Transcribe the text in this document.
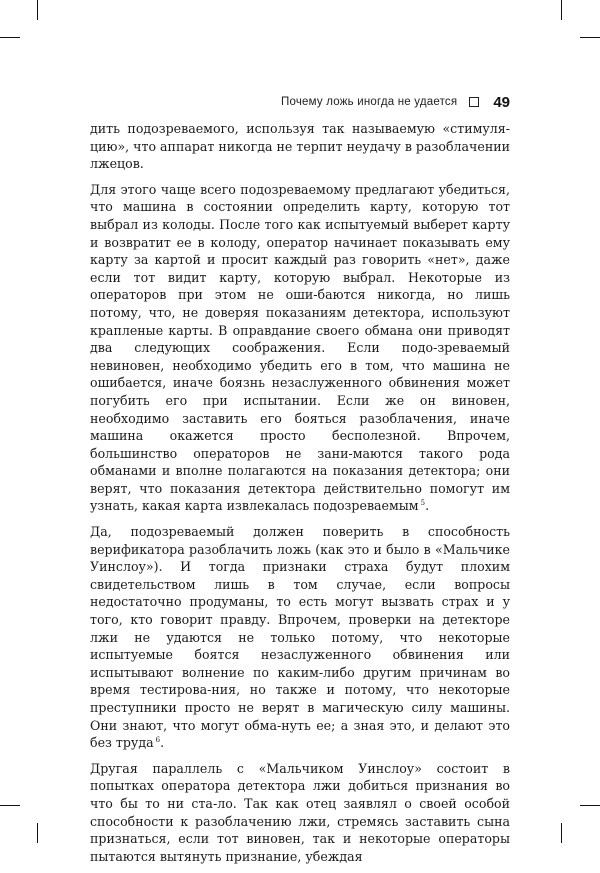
Почему ложь иногда не удается 49

дить подозреваемого, используя так называемую «стимуля-цию», что аппарат никогда не терпит неудачу в разоблачении лжецов.

Для этого чаще всего подозреваемому предлагают убедиться, что машина в состоянии определить карту, которую тот выбрал из колоды. После того как испытуемый выберет карту и возвратит ее в колоду, оператор начинает показывать ему карту за картой и просит каждый раз говорить «нет», даже если тот видит карту, которую выбрал. Некоторые из операторов при этом не оши-баются никогда, но лишь потому, что, не доверяя показаниям детектора, используют крапленые карты. В оправдание своего обмана они приводят два следующих соображения. Если подо-зреваемый невиновен, необходимо убедить его в том, что машина не ошибается, иначе боязнь незаслуженного обвинения может погубить его при испытании. Если же он виновен, необходимо заставить его бояться разоблачения, иначе машина окажется просто бесполезной. Впрочем, большинство операторов не зани-маются такого рода обманами и вполне полагаются на показания детектора; они верят, что показания детектора действительно помогут им узнать, какая карта извлекалась подозреваемым $^5$.

Да, подозреваемый должен поверить в способность верификатора разоблачить ложь (как это и было в «Мальчике Уинслоу»). И тогда признаки страха будут плохим свидетельством лишь в том случае, если вопросы недостаточно продуманы, то есть могут вызвать страх и у того, кто говорит правду. Впрочем, проверки на детекторе лжи не удаются не только потому, что некоторые испытуемые боятся незаслуженного обвинения или испытывают волнение по каким-либо другим причинам во время тестирова-ния, но также и потому, что некоторые преступники просто не верят в магическую силу машины. Они знают, что могут обма-нуть ее; а зная это, и делают это без труда $^6$.

Другая параллель с «Мальчиком Уинслоу» состоит в попытках оператора детектора лжи добиться признания во что бы то ни ста-ло. Так как отец заявлял о своей особой способности к разоблачению лжи, стремясь заставить сына признаться, если тот виновен, так и некоторые операторы пытаются вытянуть признание, убеждая
